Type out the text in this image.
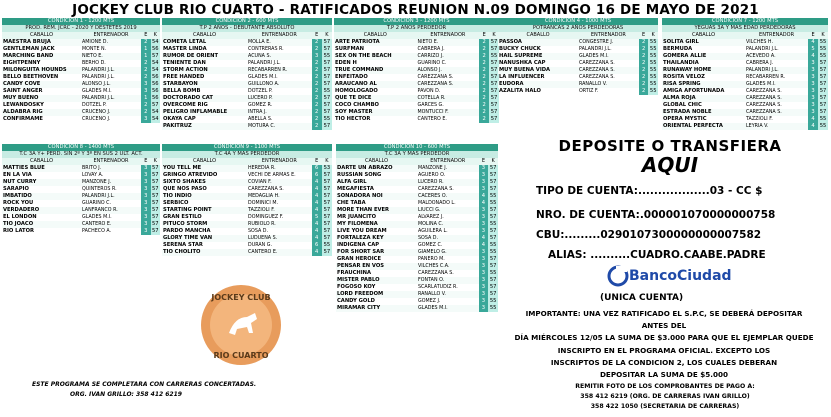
JOCKEY CLUB RIO CUARTO - RATIFICADOS REUNION N.09 DOMINGO 16 DE MAYO DE 2021
CONDICION 1 - 1200 MTS
PROD. REM. JCRC - 2020 Y DESTETES 2019
CABALLO	ENTRENADOR	E	K
MAESTRA BRUJA	AMIONE D.	2	54
GENTLEMAN JACK	MONTE N.	1	56
MARCHING BAND	NIETO E.	1	57
EIGHTPENNY	BERHO D.	2	54
MILONGUITA HOUNDS	PALANDRI J.L.	2	54
BELLO BEETHOVEN	PALANDRI J.L.	2	56
CANDY COVE	ALONSO J.L.	3	56
SAINT ANGER	GLADES M.I.	3	56
MUY BUENO	PALANDRI J.L.	1	56
LEWANDOSKY	DOTZEL P.	2	57
ALDABRA RIG	CRUCEÑO J.	2	54
CONFIRMAME	CRUCEÑO J.	3	54
CONDICION 2 - 600 MTS
T.P 2 AÑOS - DEBUTANTE ABSOLUTO
CABALLO	ENTRENADOR	E	K
COMETA LETAL	MOLLA E.	2	57
MASTER LINDA	CONTRERAS R.	2	57
RUMOR DE ORIENT	ACUÑA S.	3	55
TENIENTE DAN	PALANDRI J.L.	2	57
STORM ACTION	RECABARREN R.	2	57
FREE HANDED	GLADES M.I.	2	57
STARBAYON	GUILLONO A.	2	57
BELLA BOMB	DOTZEL P.	2	55
DOCTORADO CAT	LUCERO P.	2	57
OVERCOME RIG	GOMEZ R.	2	57
PELIGRO INFLAMABLE	INTRA J.	2	57
OKAYA CAP	ABELLA S.	2	55
PAKITRUZ	MOTURA C.	2	57
CONDICION 3 - 1200 MTS
T.P 2 AÑOS PERDEDOR
CABALLO	ENTRENADOR	E	K
ARTE PATRIOTA	NIETO E.	2	57
SURFMAN	CABRERA J.	2	57
SEX ON THE BEACH	CARRIZO J.	2	55
EDEN H	GUARINO C.	2	57
TRUE COMMAND	ALONSO J.	2	57
ENFEITADO	CAREZZANA S.	2	57
ARAUCANO AL	CAREZZANA S.	2	57
HOMOLOGADO	PAVON D.	2	57
QUE TE DICE	COTELLA R.	2	57
COCO CHAMBO	GARCES G.	2	57
SOY MASTER	MONTUCCI F.	2	57
TIO HECTOR	CANTERO E.	2	57
CONDICION 4 - 1000 MTS
POTRANCAS 2 AÑOS PERDEDORAS
CABALLO	ENTRENADOR	E	K
PASSOA	CONGESTRE J.	2	55
BUCKY CHUCK	PALANDRI J.L.	2	55
HAIL SUPREME	GLADES M.I.	2	55
NANUSHKA CAP	CAREZZANA S.	2	55
MUY BUENA VIDA	CAREZZANA S.	2	55
LA INFLUENCER	CAREZZANA S.	2	55
EUDORA	RANALLO V.	2	55
AZALITA HALO	ORTIZ F.	2	55
CONDICION 7 - 1200 MTS
YEGUAS 3A Y MAS EDAD PERDEDORAS
CABALLO	ENTRENADOR	E	K
SOLITA GIRL	VILCHES H.	4	55
BERMUDA	PALANDRI J.L.	5	55
GOMERA ALLIE	ACEVEDO A.	4	55
THAILANDIA	CABRERA J.	3	57
RUNAWAY HOME	PALANDRI J.L.	3	57
ROSITA VELOZ	RECABARREN R.	3	57
RISA SPRING	GLADES M.I.	3	57
AMIGA AFORTUNADA	CAREZZANA S.	3	57
ALMA ROJA	CAREZZANA S.	3	57
GLOBAL CHIC	CAREZZANA S.	3	57
ESTRADA NOBLE	CAREZZANA S.	3	57
OPERA MYSTIC	TAZZIOLI F.	4	55
ORIENTAL PERFECTA	LEYRIA V.	4	55
CONDICION 8 - 1400 MTS
T.C 3A Y+ PERD. SIN 2º Y 3º EN SUS 2 ULT. ACT.
CABALLO	ENTRENADOR	E	K
MATTIES BLUE	BRITO J.	3	57
EN LA VIA	LOVAY A.	3	57
NUT CURRY	MANZONE J.	3	57
SARAPIO	QUINTEROS R.	3	57
IMBATIDO	PALANDRI J.L.	3	57
ROCK YOU	GUARINO C.	3	57
VERDADERO	LANFRANCO R.	3	57
EL LONDON	GLADES M.I.	3	57
TIO JOACO	CANTERO E.	3	57
RIO LATOR	PACHECO A.	3	57
CONDICION 9 - 1100 MTS
T.C 4A Y MAS PERDEDOR
CABALLO	ENTRENADOR	E	K
YOU TELL ME	HEREDIA R.	6	53
GRINGO ATREVIDO	VECHI DE ARMAS E.	6	57
SIXTO SHAKES	COVIAN F.	4	57
QUE NOS PASO	CAREZZANA S.	4	57
TIO INDIO	MEDAGLIA H.	4	57
SERBICO	DOMINICI M.	4	57
STARTING POINT	TAZZIOLI F.	4	57
GRAN ESTILO	DOMINGUEZ F.	5	57
PITUCO STORM	RUBIOLO R.	4	57
PARDO MANCHA	SOSA D.	4	57
GLORY TIME VAN	LUDUEÑA S.	4	57
SERENA STAR	DURAN G.	6	55
TIO CHOLITO	CANTERO E.	4	57
CONDICION 10 - 600 MTS
T.C 3A Y MAS PERDEDOR
CABALLO	ENTRENADOR	E	K
DARTE UN ABRAZO	MANZONE J.	3	57
RUSSIAN SONG	AGÜERO O.	3	57
ALFA GIRL	LUCERO R.	3	57
MEGAFIESTA	CAREZZANA S.	3	57
SOÑADORA NOI	CACERES O.	4	55
CHE TABA	MALDONADO L.	4	55
MORE THAN EVER	LIUCCI G.	3	57
MR JUANCITO	ALVAREZ J.	3	57
MY FILOMENA	MOLINA C.	3	55
LIVE YOU DREAM	AGUILERA L.	3	57
FORTALEZA KEY	SOSA D.	4	57
INDIGENA CAP	GOMEZ C.	4	55
FOR SHORT SAR	GIAMELO G.	3	55
GRAN HEROICE	PANERO M.	3	57
PENSAR EN VOS	VILCHES C.A.	3	57
FRAUCHINA	CAREZZANA S.	3	55
MISTER PABLO	FONTAN O.	3	57
FOGOSO KOY	SCARLATUDIZ R.	3	57
LORD FREEDOM	RANALLO V.	3	57
CANDY GOLD	GOMEZ J.	3	55
MIRAMAR CITY	GLADES M.I.	3	55
DEPOSITE O TRANSFIERA
AQUI
TIPO DE CUENTA:..................03 - CC $
NRO. DE CUENTA:.000001070000000758
CBU:.........0290107300000000007582
ALIAS: ..........CUADRO.CAABE.PADRE
BancoCiudad
(UNICA CUENTA)
IMPORTANTE: UNA VEZ RATIFICADO EL S.P.C, SE DEBERÁ DEPOSITAR ANTES DEL
DÍA MIÉRCOLES 12/05 LA SUMA DE $3.000 PARA QUE EL EJEMPLAR QUEDE
INSCRIPTO EN EL PROGRAMA OFICIAL. EXCEPTO LOS
INSCRIPTOS DE LA CONDICION 2, LOS CUALES DEBERAN
DEPOSITAR LA SUMA DE $5.000
REMITIR FOTO DE LOS COMPROBANTES DE PAGO A:
358 412 6219 (ORG. DE CARRERAS IVAN GRILLO)
358 422 1050 (SECRETARIA DE CARRERAS)
ESTE PROGRAMA SE COMPLETARA CON CARRERAS CONCERTADAS.
ORG. IVAN GRILLO: 358 412 6219
JOCKEY CLUB
RIO CUARTO
